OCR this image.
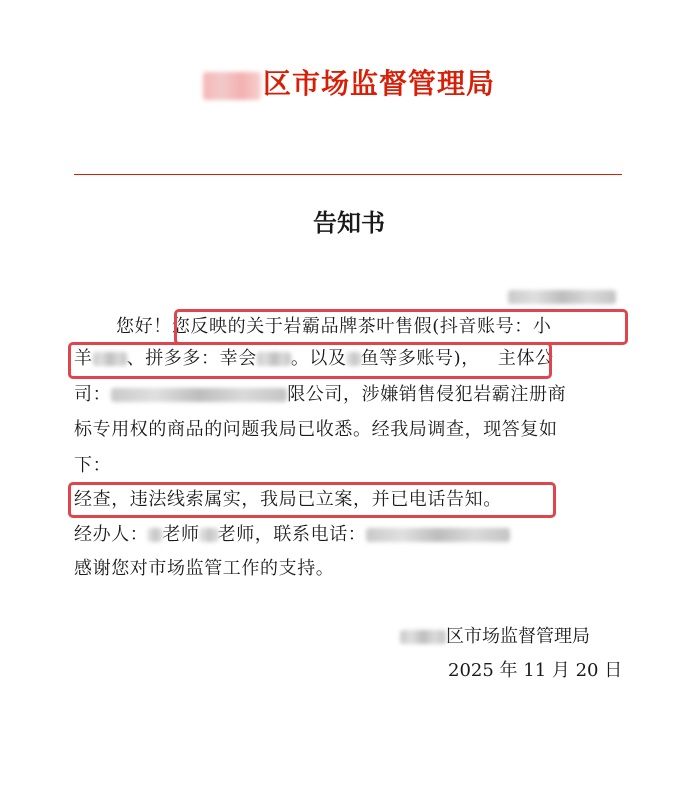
区市场监督管理局
告知书
您好！您反映的关于岩霸品牌茶叶售假(抖音账号：小
羊 、拼多多：幸会 。以及 鱼等多账号)， 主体公
司：	限公司，涉嫌销售侵犯岩霸注册商
标专用权的商品的问题我局已收悉。经我局调查，现答复如
下：
经查，违法线索属实，我局已立案，并已电话告知。
经办人： 老师 老师，联系电话：
感谢您对市场监管工作的支持。
区市场监督管理局
2025 年 11 月 20 日
